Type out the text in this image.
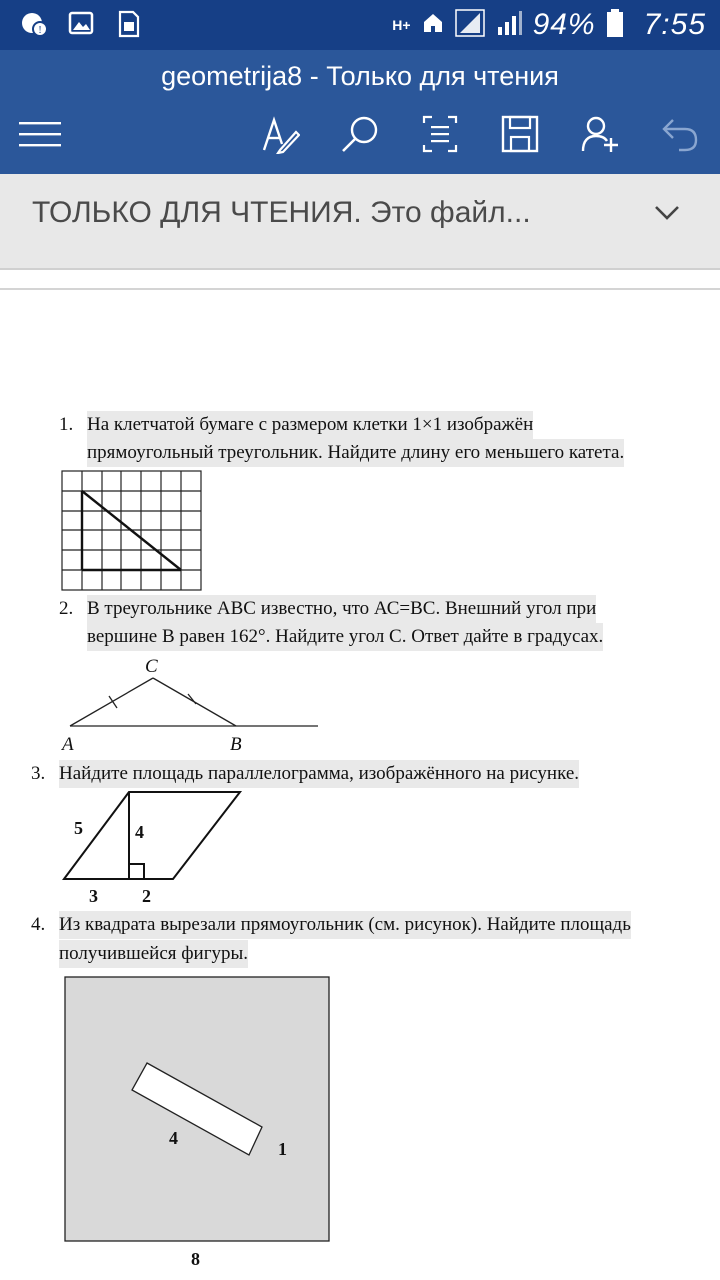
!	H+	94% 7:55
geometrija8 - Только для чтения
ТОЛЬКО ДЛЯ ЧТЕНИЯ. Это файл...
1. На клетчатой бумаге с размером клетки 1×1 изображён
прямоугольный треугольник. Найдите длину его меньшего катета.
2. В треугольнике АВС известно, что АС=ВС. Внешний угол при
вершине В равен 162°. Найдите угол С. Ответ дайте в градусах.
C
A	B
3. Найдите площадь параллелограмма, изображённого на рисунке.
5	4
3 2
4. Из квадрата вырезали прямоугольник (см. рисунок). Найдите площадь
получившейся фигуры.
4
1
8
